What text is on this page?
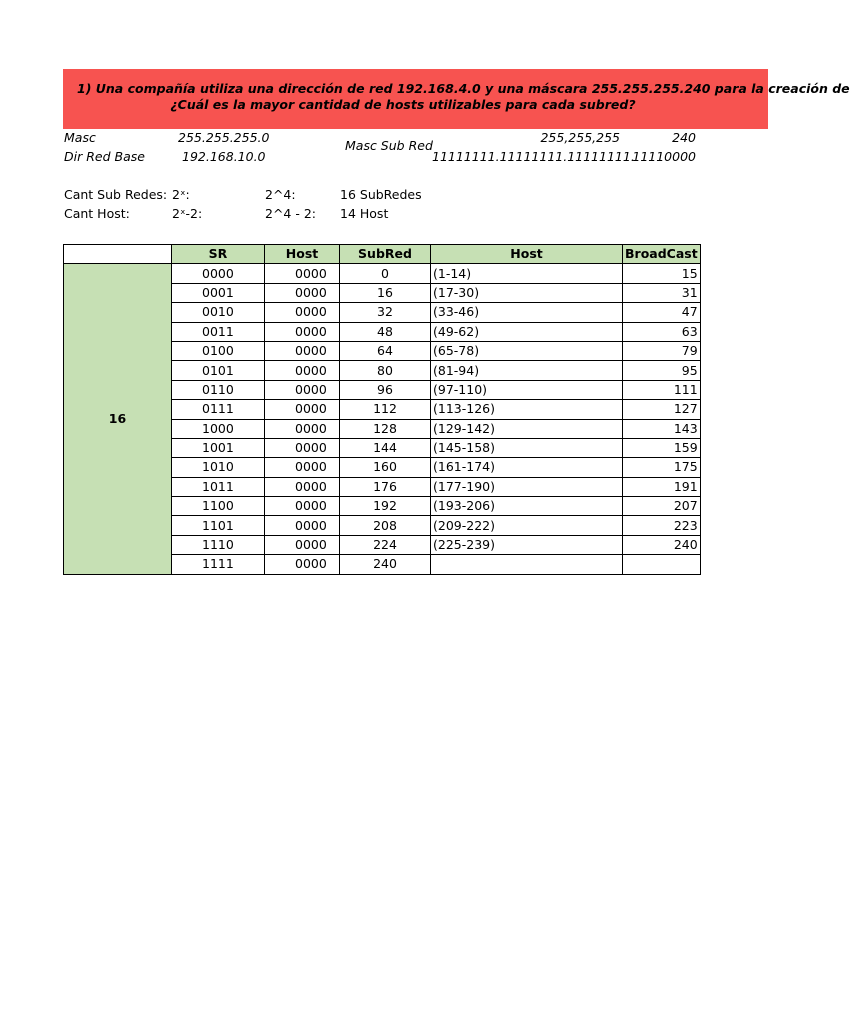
1) Una compañía utiliza una dirección de red 192.168.4.0 y una máscara 255.255.255.240 para la creación de
¿Cuál es la mayor cantidad de hosts utilizables para cada subred?
Masc	255.255.255.0
Dir Red Base	192.168.10.0
Masc Sub Red
255,255,255	240
11111111.11111111.11111111.
11110000
Cant Sub Redes: 2ˣ:	2^4:	16 SubRedes
Cant Host:	2ˣ-2:	2^4 - 2: 14 Host
	SR	Host	SubRed	Host	BroadCast
16	0000	0000	0	(1-14)	15
	0001	0000	16	(17-30)	31
	0010	0000	32	(33-46)	47
	0011	0000	48	(49-62)	63
	0100	0000	64	(65-78)	79
	0101	0000	80	(81-94)	95
	0110	0000	96	(97-110)	111
	0111	0000	112	(113-126)	127
	1000	0000	128	(129-142)	143
	1001	0000	144	(145-158)	159
	1010	0000	160	(161-174)	175
	1011	0000	176	(177-190)	191
	1100	0000	192	(193-206)	207
	1101	0000	208	(209-222)	223
	1110	0000	224	(225-239)	240
	1111	0000	240		
